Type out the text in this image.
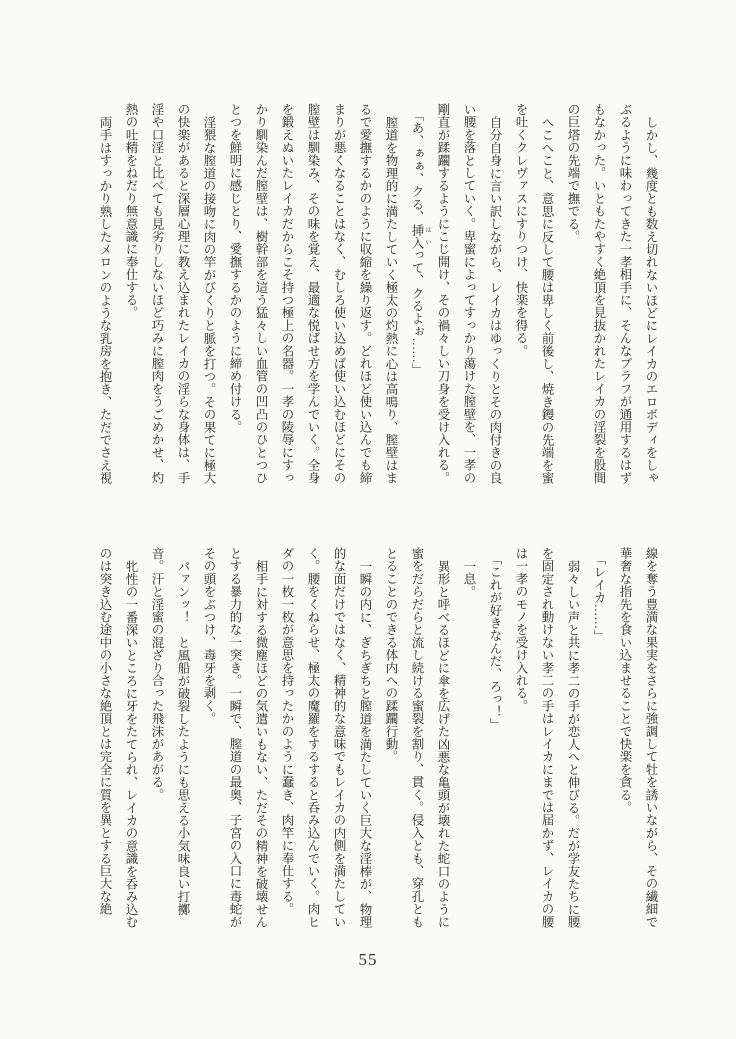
しかし、幾度とも数え切れないほどにレイカのエロボディをしゃ

ぶるように味わってきた一孝相手に、そんなブラフが通用するはず

もなかった。いともたやすく絶頂を見抜かれたレイカの淫裂を股間

の巨塔の先端で撫でる。

へこへこと、意思に反して腰は卑しく前後し、焼き鏝の先端を蜜

を吐くクレヴァスにすりつけ、快楽を得る。

自分自身に言い訳しながら、レイカはゆっくりとその肉付きの良

い腰を落としていく。卑蜜によってすっかり蕩けた膣壁を、一孝の

剛直が蹂躙するようにこじ開け、その禍々しい刀身を受け入れる。

「あ、ぁぁ、クる、挿入 はいって、クるよぉ……」

膣道を物理的に満たしていく極太の灼熱に心は高鳴り、膣壁はま

るで愛撫するかのように収縮を繰り返す。どれほど使い込んでも締

まりが悪くなることはなく、むしろ使い込めば使い込むほどにその

膣壁は馴染み、その味を覚え、最適な悦ばせ方を学んでいく。全身

を鍛えぬいたレイカだからこそ持つ極上の名器。一孝の陵辱にすっ

かり馴染んだ膣壁は、樹幹部を這う猛々しい血管の凹凸のひとつひ

とつを鮮明に感じとり、愛撫するかのように締め付ける。

淫猥な膣道の接吻に肉の竿がびくりと脈を打つ。その果てに極大

の快楽があると深層心理に教え込まれたレイカの淫らな身体は、手

淫や口淫と比べても見劣りしないほど巧みに膣肉をうごめかせ、灼

熱の吐精をねだり無意識に奉仕する。

両手はすっかり熟したメロンのような乳房を抱き、ただでさえ視

線を奪う豊満な果実をさらに強調して牡を誘いながら、その繊細で

華奢な指先を食い込ませることで快楽を貪る。

「レイカ……」

弱々しい声と共に孝二の手が恋人へと伸びる。だが学友たちに腰

を固定され動けない孝二の手はレイカにまでは届かず、レイカの腰

は一孝のモノを受け入れる。

「これが好きなんだ、ろっ！」

一息。

異形と呼べるほどに傘を広げた凶悪な亀頭が壊れた蛇口のように

蜜をだらだらと流し続ける蜜裂を割り、貫く。侵入とも、穿孔とも

とることのできる体内への蹂躙行動。

一瞬の内に、ぎちぎちと膣道を満たしていく巨大な淫棒が、物理

的な面だけではなく、精神的な意味でもレイカの内側を満たしてい

く。腰をくねらせ、極太の魔羅をするすると呑み込んでいく。肉ヒ

ダの一枚一枚が意思を持ったかのように蠢き、肉竿に奉仕する。

相手に対する微塵ほどの気遣いもない、ただその精神を破壊せん

とする暴力的な一突き。一瞬で、膣道の最奥、子宮の入口に毒蛇が

その頭をぶつけ、毒牙を剥く。

パァンッ！　と風船が破裂したようにも思える小気味良い打擲

音。汗と淫蜜の混ざり合った飛沫があがる。

牝性の一番深いところに牙をたてられ、レイカの意識を呑み込む

のは突き込む途中の小さな絶頂とは完全に質を異とする巨大な絶

55
